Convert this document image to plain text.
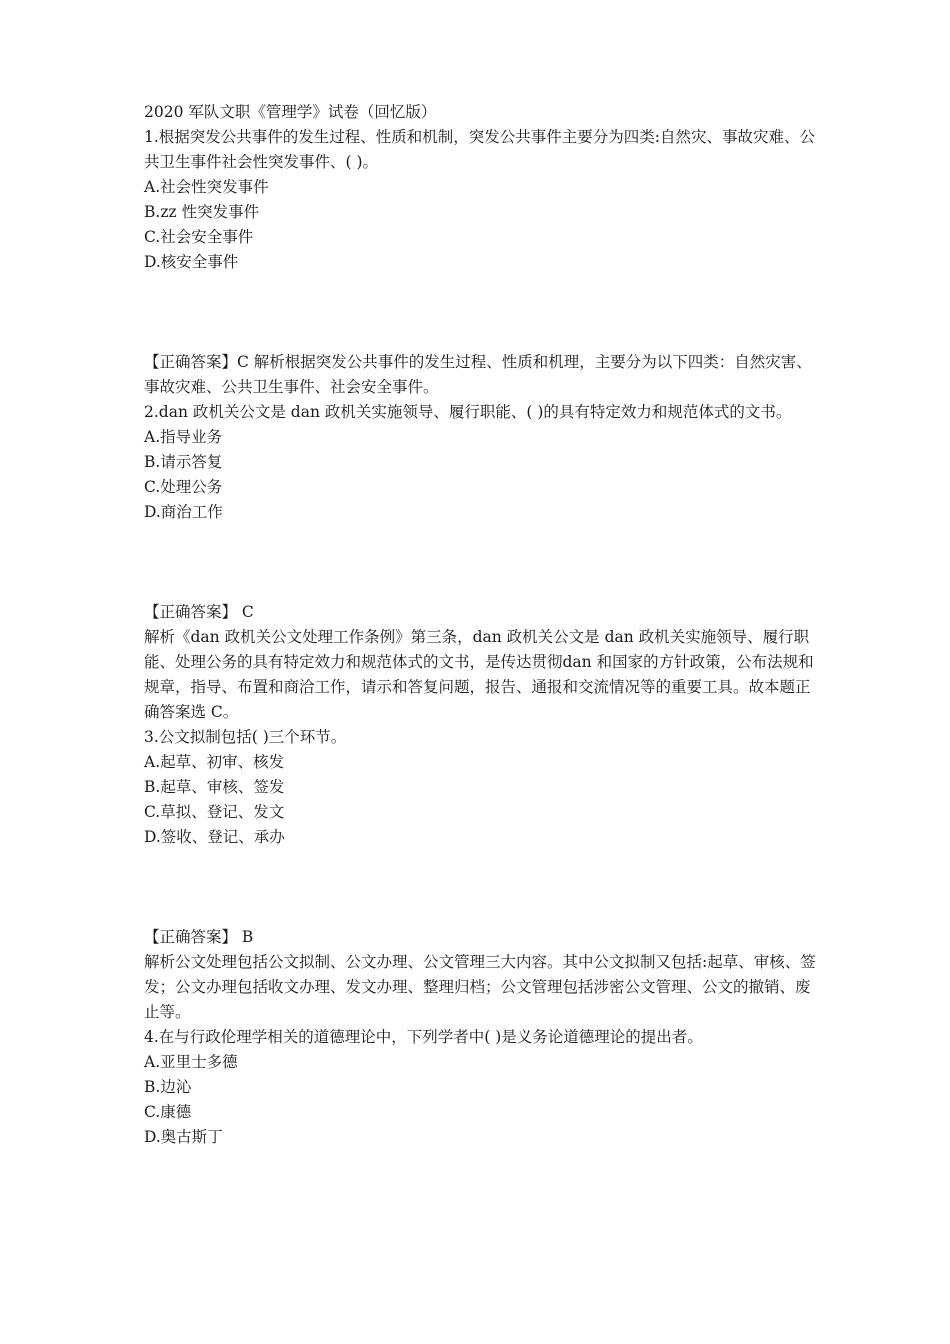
2020 军队文职《管理学》试卷（回忆版）

1.根据突发公共事件的发生过程、性质和机制，突发公共事件主要分为四类:自然灾、事故灾难、公共卫生事件社会性突发事件、( )。

A.社会性突发事件

B.zz 性突发事件

C.社会安全事件

D.核安全事件

【正确答案】C 解析根据突发公共事件的发生过程、性质和机理，主要分为以下四类：自然灾害、事故灾难、公共卫生事件、社会安全事件。

2.dan 政机关公文是 dan 政机关实施领导、履行职能、( )的具有特定效力和规范体式的文书。

A.指导业务

B.请示答复

C.处理公务

D.商治工作

【正确答案】 C

解析《dan 政机关公文处理工作条例》第三条，dan 政机关公文是 dan 政机关实施领导、履行职能、处理公务的具有特定效力和规范体式的文书，是传达贯彻dan 和国家的方针政策，公布法规和规章，指导、布置和商洽工作，请示和答复问题，报告、通报和交流情况等的重要工具。故本题正确答案选 C。

3.公文拟制包括( )三个环节。

A.起草、初审、核发

B.起草、审核、签发

C.草拟、登记、发文

D.签收、登记、承办

【正确答案】 B

解析公文处理包括公文拟制、公文办理、公文管理三大内容。其中公文拟制又包括:起草、审核、签发；公文办理包括收文办理、发文办理、整理归档；公文管理包括涉密公文管理、公文的撤销、废止等。

4.在与行政伦理学相关的道德理论中，下列学者中( )是义务论道德理论的提出者。

A.亚里士多德

B.边沁

C.康德

D.奥古斯丁
